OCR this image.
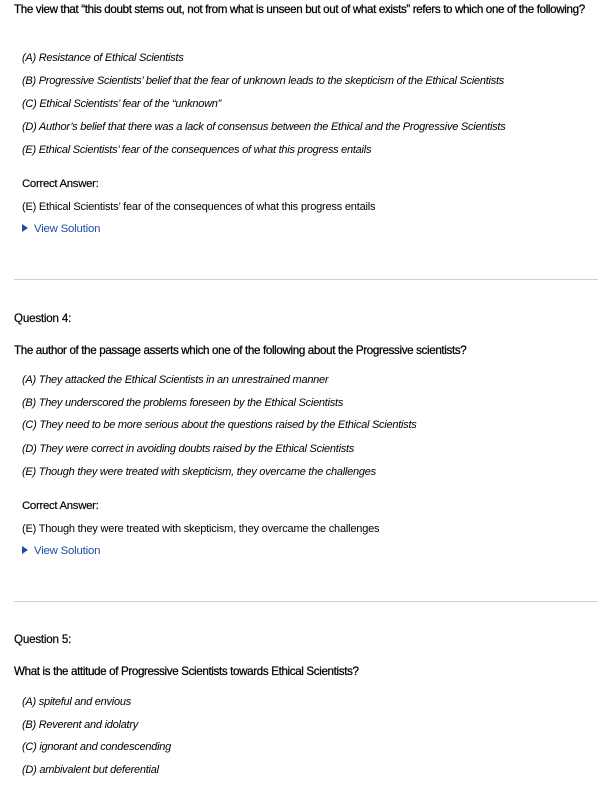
The view that “this doubt stems out, not from what is unseen but out of what exists” refers to which one of the following?
(A) Resistance of Ethical Scientists
(B) Progressive Scientists’ belief that the fear of unknown leads to the skepticism of the Ethical Scientists
(C) Ethical Scientists’ fear of the “unknown”
(D) Author’s belief that there was a lack of consensus between the Ethical and the Progressive Scientists
(E) Ethical Scientists’ fear of the consequences of what this progress entails
Correct Answer:
(E) Ethical Scientists’ fear of the consequences of what this progress entails
View Solution
Question 4:
The author of the passage asserts which one of the following about the Progressive scientists?
(A) They attacked the Ethical Scientists in an unrestrained manner
(B) They underscored the problems foreseen by the Ethical Scientists
(C) They need to be more serious about the questions raised by the Ethical Scientists
(D) They were correct in avoiding doubts raised by the Ethical Scientists
(E) Though they were treated with skepticism, they overcame the challenges
Correct Answer:
(E) Though they were treated with skepticism, they overcame the challenges
View Solution
Question 5:
What is the attitude of Progressive Scientists towards Ethical Scientists?
(A) spiteful and envious
(B) Reverent and idolatry
(C) ignorant and condescending
(D) ambivalent but deferential
